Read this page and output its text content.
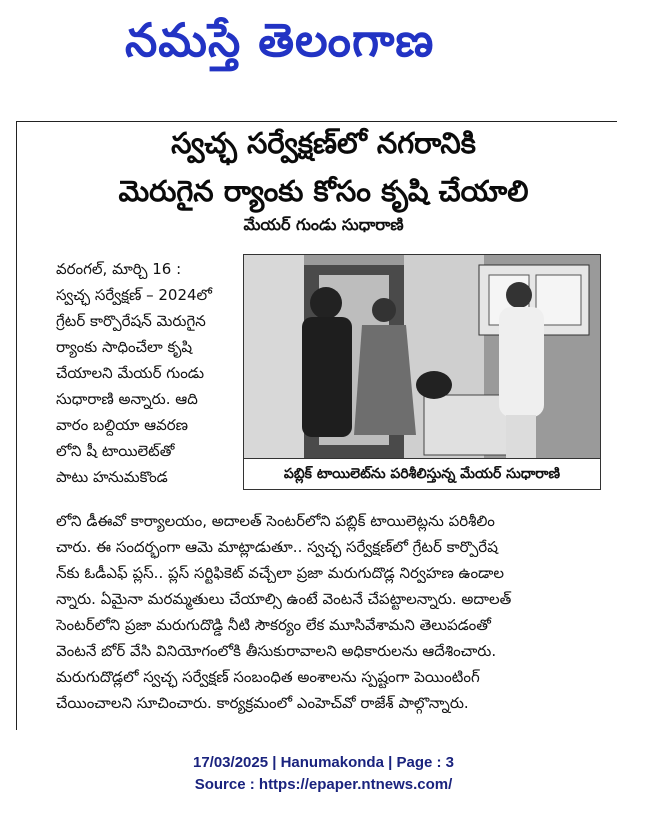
నమస్తే తెలంగాణ
స్వచ్ఛ సర్వేక్షణ్‌లో నగరానికి
మెరుగైన ర్యాంకు కోసం కృషి చేయాలి
మేయర్ గుండు సుధారాణి
వరంగల్, మార్చి 16 :
స్వచ్ఛ సర్వేక్షణ్ – 2024లో
గ్రేటర్ కార్పొరేషన్ మెరుగైన
ర్యాంకు సాధించేలా కృషి
చేయాలని మేయర్ గుండు
సుధారాణి అన్నారు. ఆది
వారం బల్దియా ఆవరణ
లోని షీ టాయిలెట్‌తో
పాటు హనుమకొండ	పబ్లిక్ టాయిలెట్‌ను పరిశీలిస్తున్న మేయర్ సుధారాణి
లోని డీఈవో కార్యాలయం, అదాలత్ సెంటర్‌లోని పబ్లిక్ టాయిలెట్లను పరిశీలిం
చారు. ఈ సందర్భంగా ఆమె మాట్లాడుతూ.. స్వచ్ఛ సర్వేక్షణ్‌లో గ్రేటర్ కార్పొరేష
న్‌కు ఓడీఎఫ్ ప్లస్.. ప్లస్ సర్టిఫికెట్ వచ్చేలా ప్రజా మరుగుదొడ్ల నిర్వహణ ఉండాల
న్నారు. ఏమైనా మరమ్మతులు చేయాల్సి ఉంటే వెంటనే చేపట్టాలన్నారు. అదాలత్
సెంటర్‌లోని ప్రజా మరుగుదొడ్డి నీటి సౌకర్యం లేక మూసివేశామని తెలుపడంతో
వెంటనే బోర్ వేసి వినియోగంలోకి తీసుకురావాలని అధికారులను ఆదేశించారు.
మరుగుదొడ్లలో స్వచ్ఛ సర్వేక్షణ్ సంబంధిత అంశాలను స్పష్టంగా పెయింటింగ్
చేయించాలని సూచించారు. కార్యక్రమంలో ఎంహెచ్‌వో రాజేశ్ పాల్గొన్నారు.
17/03/2025 | Hanumakonda | Page : 3
Source : https://epaper.ntnews.com/
